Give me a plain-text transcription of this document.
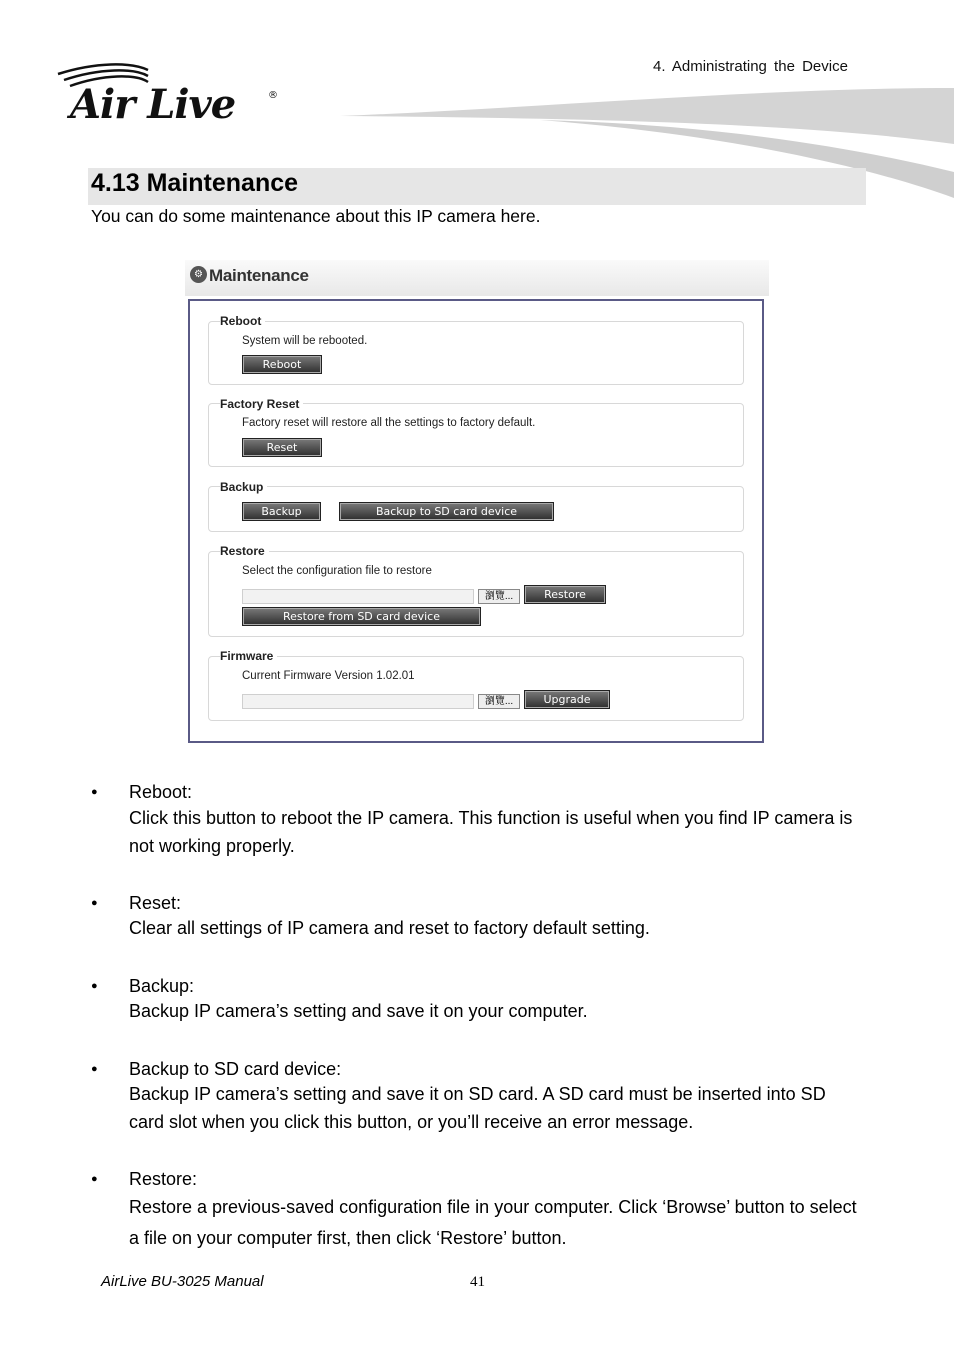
4. Administrating the Device
Air Live	®
4.13 Maintenance
You can do some maintenance about this IP camera here.
⚙ Maintenance
Reboot
System will be rebooted.
Reboot
Factory Reset
Factory reset will restore all the settings to factory default.
Reset
Backup
Backup	Backup to SD card device
Restore
Select the configuration file to restore
瀏覽...	Restore
Restore from SD card device
Firmware
Current Firmware Version 1.02.01
瀏覽...	Upgrade
● Reboot:
Click this button to reboot the IP camera. This function is useful when you find IP camera is not working properly.
● Reset:
Clear all settings of IP camera and reset to factory default setting.
● Backup:
Backup IP camera’s setting and save it on your computer.
● Backup to SD card device:
Backup IP camera’s setting and save it on SD card. A SD card must be inserted into SD card slot when you click this button, or you’ll receive an error message.
● Restore:
Restore a previous‐saved configuration file in your computer. Click ‘Browse’ button to select a file on your computer first, then click ‘Restore’ button.
AirLive BU-3025 Manual	41
